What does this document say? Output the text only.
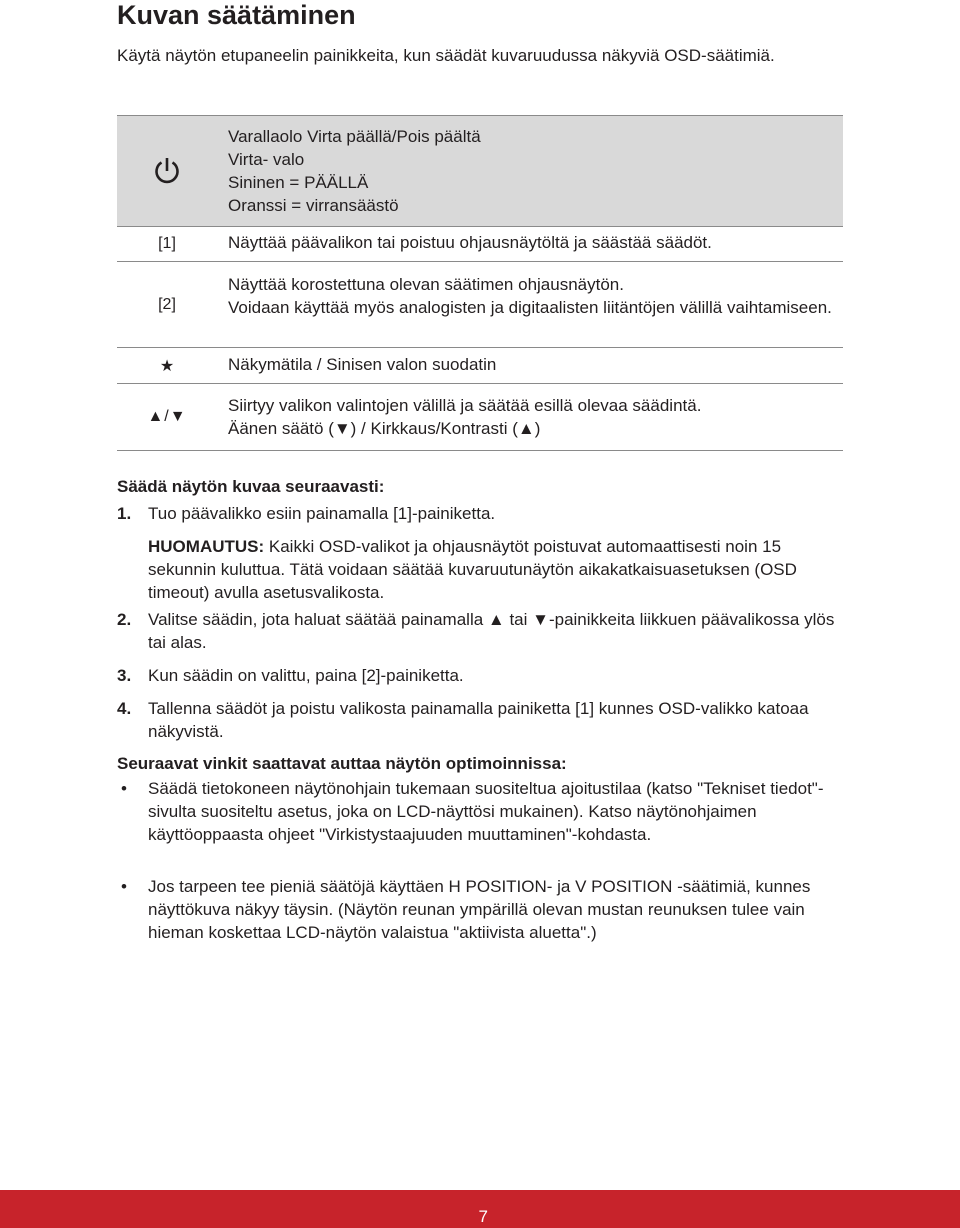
Kuvan säätäminen
Käytä näytön etupaneelin painikkeita, kun säädät kuvaruudussa näkyviä OSD-säätimiä.
Varallaolo Virta päällä/Pois päältä
Virta- valo
Sininen = PÄÄLLÄ
Oranssi = virransäästö
[1]	Näyttää päävalikon tai poistuu ohjausnäytöltä ja säästää säädöt.
[2]
Näyttää korostettuna olevan säätimen ohjausnäytön.
Voidaan käyttää myös analogisten ja digitaalisten liitäntöjen välillä vaihtamiseen.
★	Näkymätila / Sinisen valon suodatin
▲/▼
Siirtyy valikon valintojen välillä ja säätää esillä olevaa säädintä.
Äänen säätö (▼) / Kirkkaus/Kontrasti (▲)
Säädä näytön kuvaa seuraavasti:
1. Tuo päävalikko esiin painamalla [1]-painiketta.
HUOMAUTUS: Kaikki OSD-valikot ja ohjausnäytöt poistuvat automaattisesti noin 15 sekunnin kuluttua. Tätä voidaan säätää kuvaruutunäytön aikakatkaisuasetuksen (OSD timeout) avulla asetusvalikosta.
2. Valitse säädin, jota haluat säätää painamalla ▲ tai ▼-painikkeita liikkuen päävalikossa ylös tai alas.
3. Kun säädin on valittu, paina [2]-painiketta.
4. Tallenna säädöt ja poistu valikosta painamalla painiketta [1] kunnes OSD-valikko katoaa näkyvistä.
Seuraavat vinkit saattavat auttaa näytön optimoinnissa:
• Säädä tietokoneen näytönohjain tukemaan suositeltua ajoitustilaa (katso "Tekniset tiedot"-sivulta suositeltu asetus, joka on LCD-näyttösi mukainen). Katso näytönohjaimen käyttöoppaasta ohjeet "Virkistystaajuuden muuttaminen"-kohdasta.
• Jos tarpeen tee pieniä säätöjä käyttäen H POSITION- ja V POSITION -säätimiä, kunnes näyttökuva näkyy täysin. (Näytön reunan ympärillä olevan mustan reunuksen tulee vain hieman koskettaa LCD-näytön valaistua "aktiivista aluetta".)
7
